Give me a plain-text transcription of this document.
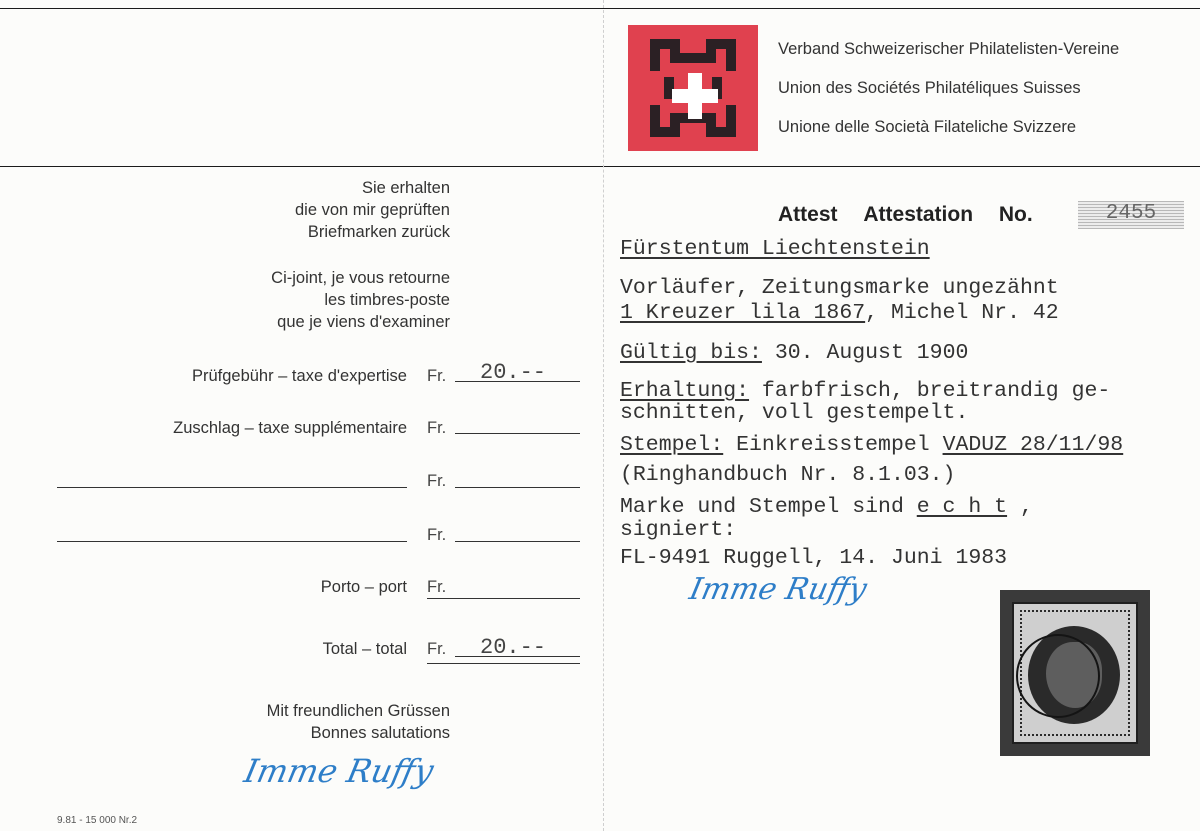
Verband Schweizerischer Philatelisten-Vereine
Union des Sociétés Philatéliques Suisses
Unione delle Società Filateliche Svizzere
Sie erhalten
die von mir geprüften
Briefmarken zurück
Ci-joint, je vous retourne
les timbres-poste
que je viens d'examiner
Prüfgebühr – taxe d'expertise Fr. 20.--
Zuschlag – taxe supplémentaire Fr.
Fr.
Fr.
Porto – port Fr.
Total – total Fr. 20.--
Mit freundlichen Grüssen
Bonnes salutations
Imme Ruffy
9.81 - 15 000 Nr.2
Attest Attestation No.	2455
Fürstentum Liechtenstein
Vorläufer, Zeitungsmarke ungezähnt
1 Kreuzer lila 1867, Michel Nr. 42
Gültig bis: 30. August 1900
Erhaltung: farbfrisch, breitrandig ge-
schnitten, voll gestempelt.
Stempel: Einkreisstempel VADUZ 28/11/98
(Ringhandbuch Nr. 8.1.03.)
Marke und Stempel sind e c h t ,
signiert:
FL-9491 Ruggell, 14. Juni 1983
Imme Ruffy
